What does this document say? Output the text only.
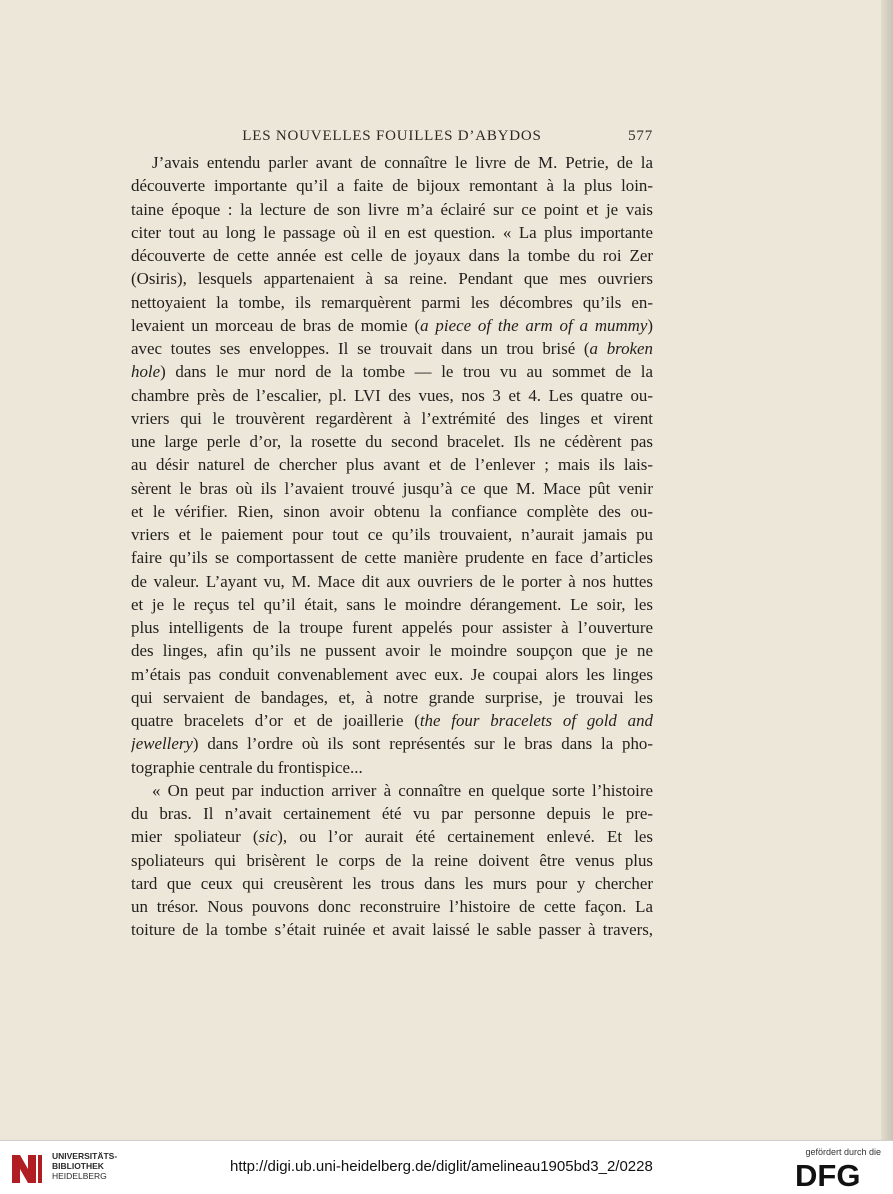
LES NOUVELLES FOUILLES D’ABYDOS	577
J’avais entendu parler avant de connaître le livre de M. Petrie, de la
découverte importante qu’il a faite de bijoux remontant à la plus loin-
taine époque : la lecture de son livre m’a éclairé sur ce point et je vais
citer tout au long le passage où il en est question. « La plus importante
découverte de cette année est celle de joyaux dans la tombe du roi Zer
(Osiris), lesquels appartenaient à sa reine. Pendant que mes ouvriers
nettoyaient la tombe, ils remarquèrent parmi les décombres qu’ils en-
levaient un morceau de bras de momie (a piece of the arm of a mummy)
avec toutes ses enveloppes. Il se trouvait dans un trou brisé (a broken
hole) dans le mur nord de la tombe — le trou vu au sommet de la
chambre près de l’escalier, pl. LVI des vues, nos 3 et 4. Les quatre ou-
vriers qui le trouvèrent regardèrent à l’extrémité des linges et virent
une large perle d’or, la rosette du second bracelet. Ils ne cédèrent pas
au désir naturel de chercher plus avant et de l’enlever ; mais ils lais-
sèrent le bras où ils l’avaient trouvé jusqu’à ce que M. Mace pût venir
et le vérifier. Rien, sinon avoir obtenu la confiance complète des ou-
vriers et le paiement pour tout ce qu’ils trouvaient, n’aurait jamais pu
faire qu’ils se comportassent de cette manière prudente en face d’articles
de valeur. L’ayant vu, M. Mace dit aux ouvriers de le porter à nos huttes
et je le reçus tel qu’il était, sans le moindre dérangement. Le soir, les
plus intelligents de la troupe furent appelés pour assister à l’ouverture
des linges, afin qu’ils ne pussent avoir le moindre soupçon que je ne
m’étais pas conduit convenablement avec eux. Je coupai alors les linges
qui servaient de bandages, et, à notre grande surprise, je trouvai les
quatre bracelets d’or et de joaillerie (the four bracelets of gold and
jewellery) dans l’ordre où ils sont représentés sur le bras dans la pho-
tographie centrale du frontispice...
« On peut par induction arriver à connaître en quelque sorte l’histoire
du bras. Il n’avait certainement été vu par personne depuis le pre-
mier spoliateur (sic), ou l’or aurait été certainement enlevé. Et les
spoliateurs qui brisèrent le corps de la reine doivent être venus plus
tard que ceux qui creusèrent les trous dans les murs pour y chercher
un trésor. Nous pouvons donc reconstruire l’histoire de cette façon. La
toiture de la tombe s’était ruinée et avait laissé le sable passer à travers,
UNIVERSITÄTS-
BIBLIOTHEK
HEIDELBERG
http://digi.ub.uni-heidelberg.de/diglit/amelineau1905bd3_2/0228
gefördert durch die
DFG
